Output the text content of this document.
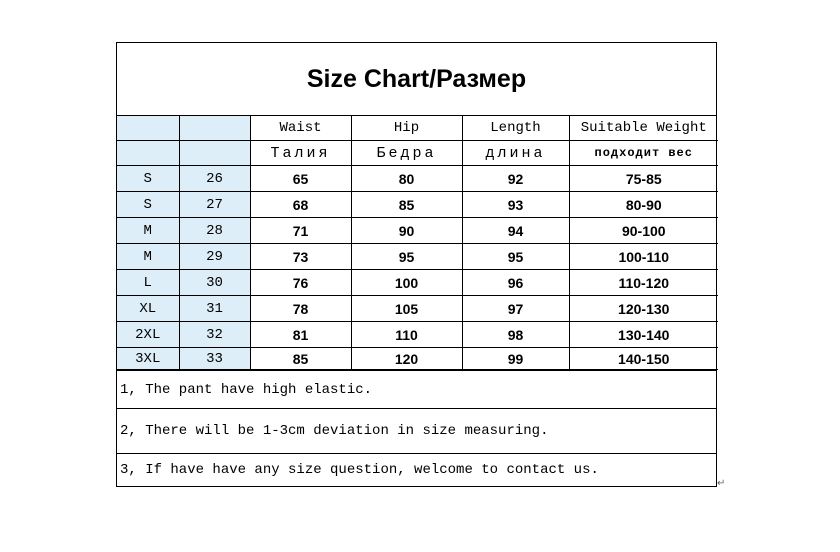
Size Chart/Размер
		Waist	Hip	Length	Suitable Weight
		Талия	Бедра	длина	подходит вес
S	26	65	80	92	75-85
S	27	68	85	93	80-90
M	28	71	90	94	90-100
M	29	73	95	95	100-110
L	30	76	100	96	110-120
XL	31	78	105	97	120-130
2XL	32	81	110	98	130-140
3XL	33	85	120	99	140-150
1, The pant have high elastic.
2, There will be 1-3cm deviation in size measuring.
3, If have have any size question, welcome to contact us.
↵
